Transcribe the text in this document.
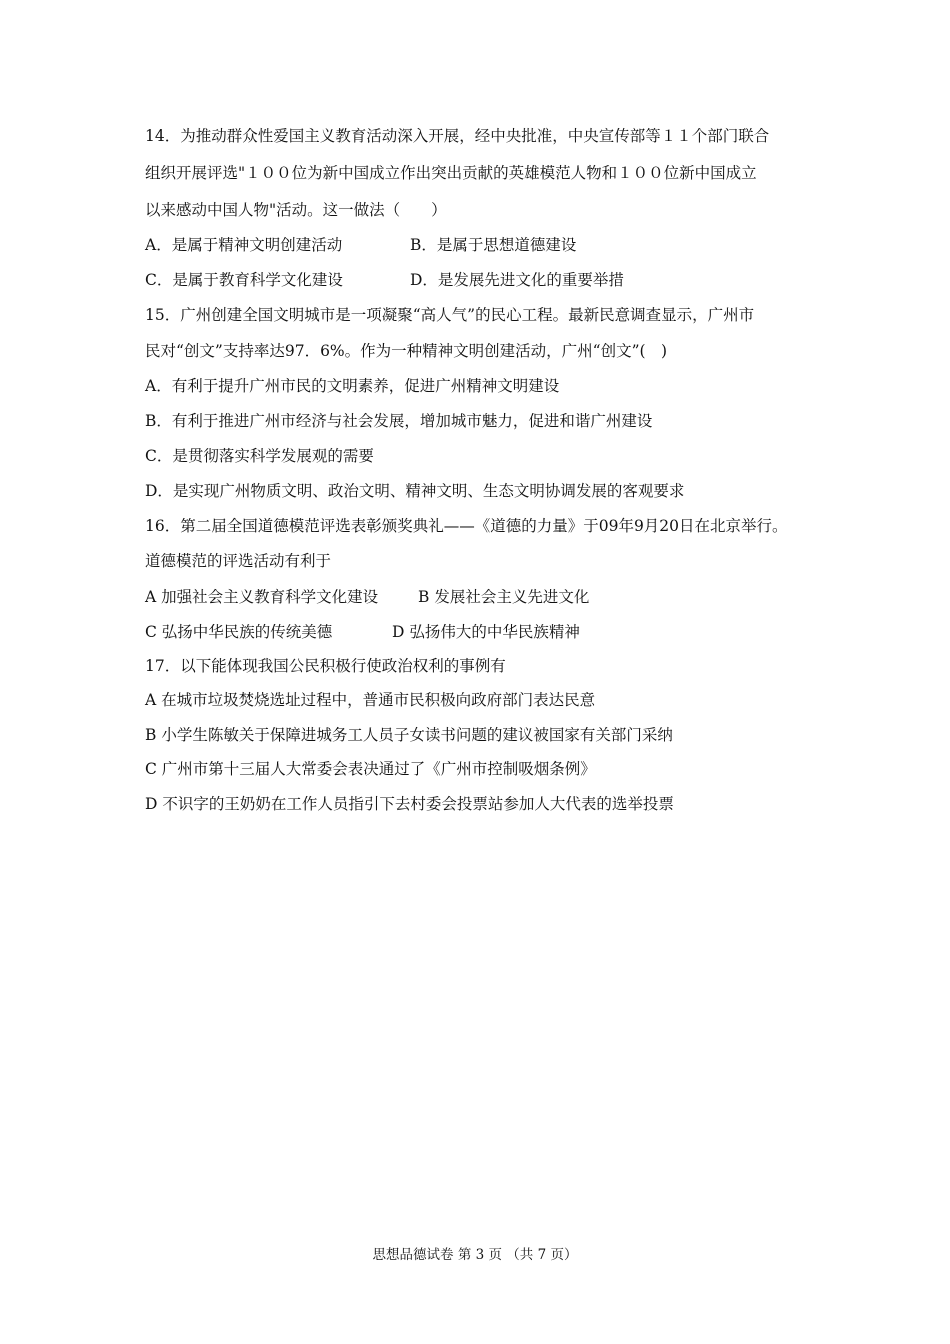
14．为推动群众性爱国主义教育活动深入开展，经中央批准，中央宣传部等１１个部门联合
组织开展评选"１００位为新中国成立作出突出贡献的英雄模范人物和１００位新中国成立
以来感动中国人物"活动。这一做法（　　）
A．是属于精神文明创建活动	B．是属于思想道德建设
C．是属于教育科学文化建设	D．是发展先进文化的重要举措
15．广州创建全国文明城市是一项凝聚“高人气”的民心工程。最新民意调查显示，广州市
民对“创文”支持率达97．6%。作为一种精神文明创建活动，广州“创文”(　)
A．有利于提升广州市民的文明素养，促进广州精神文明建设
B．有利于推进广州市经济与社会发展，增加城市魅力，促进和谐广州建设
C．是贯彻落实科学发展观的需要
D．是实现广州物质文明、政治文明、精神文明、生态文明协调发展的客观要求
16．第二届全国道德模范评选表彰颁奖典礼——《道德的力量》于09年9月20日在北京举行。
道德模范的评选活动有利于
A 加强社会主义教育科学文化建设	B 发展社会主义先进文化
C 弘扬中华民族的传统美德	D 弘扬伟大的中华民族精神
17．以下能体现我国公民积极行使政治权利的事例有
A 在城市垃圾焚烧选址过程中，普通市民积极向政府部门表达民意
B 小学生陈敏关于保障进城务工人员子女读书问题的建议被国家有关部门采纳
C 广州市第十三届人大常委会表决通过了《广州市控制吸烟条例》
D 不识字的王奶奶在工作人员指引下去村委会投票站参加人大代表的选举投票
思想品德试卷 第 3 页 （共 7 页）
